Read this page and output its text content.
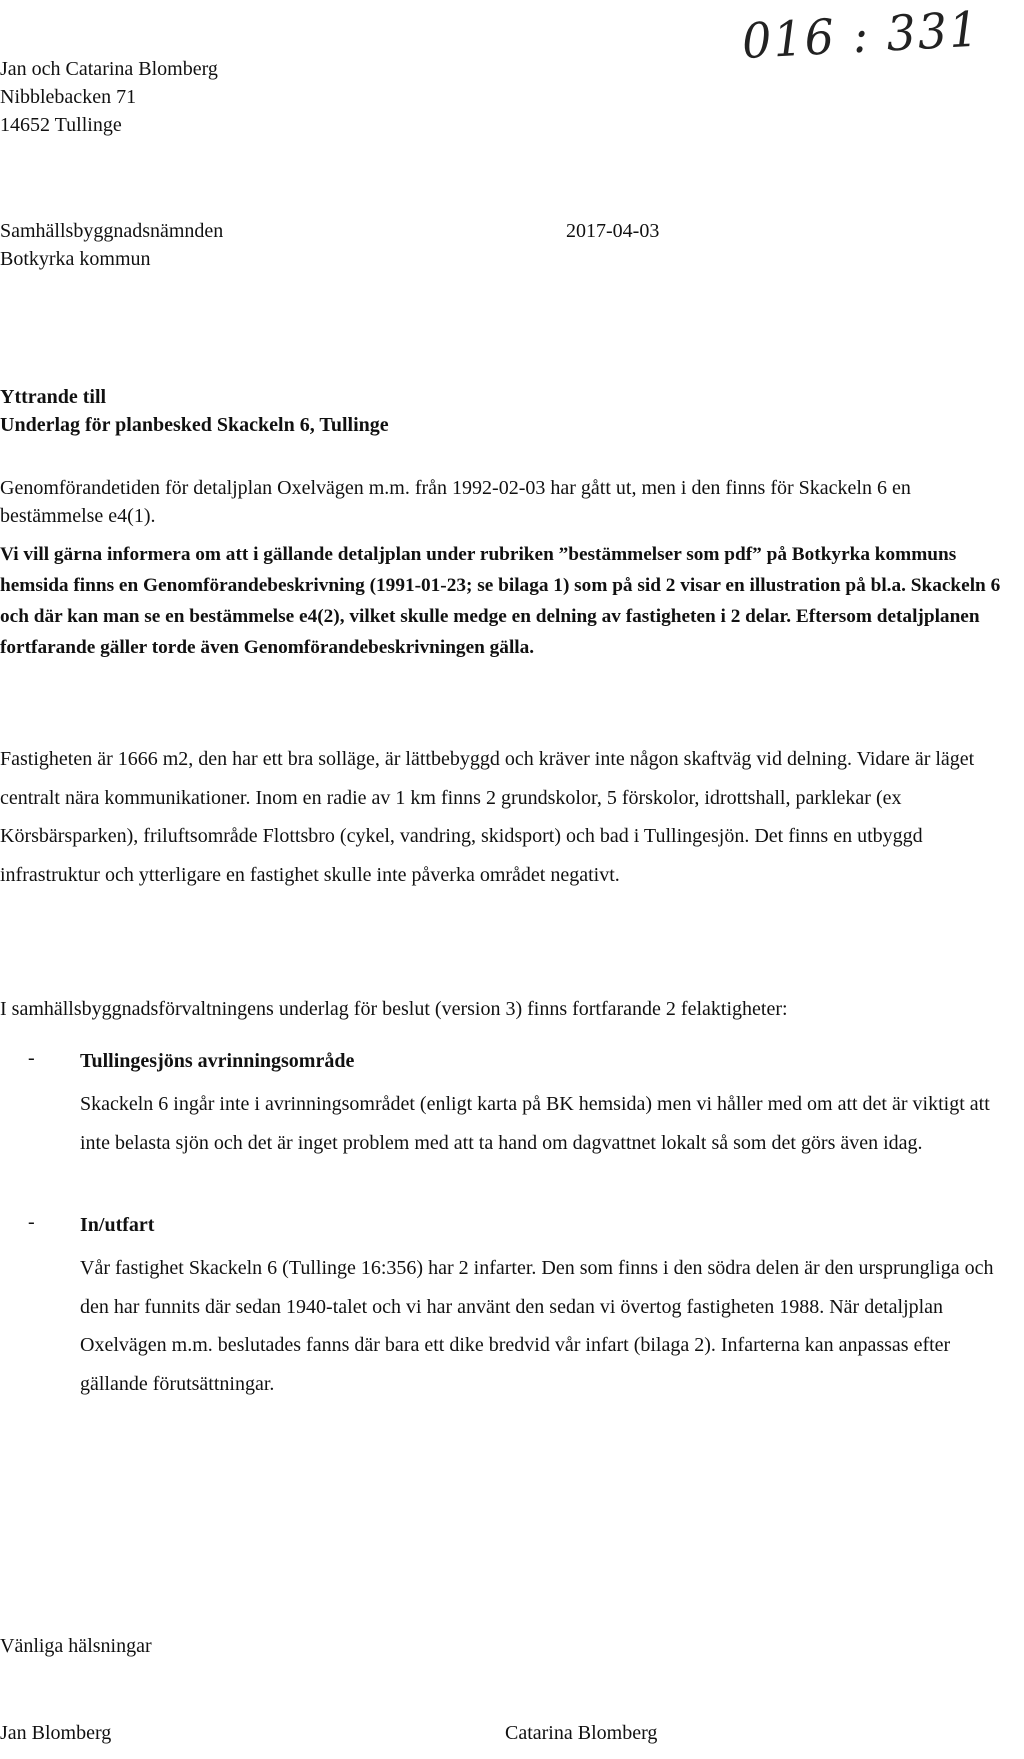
016 : 331
Jan och Catarina Blomberg
Nibblebacken 71
14652 Tullinge
Samhällsbyggnadsnämnden
Botkyrka kommun
2017-04-03
Yttrande till
Underlag för planbesked Skackeln 6, Tullinge
Genomförandetiden för detaljplan Oxelvägen m.m. från 1992-02-03 har gått ut, men i den finns för Skackeln 6 en bestämmelse e4(1).
Vi vill gärna informera om att i gällande detaljplan under rubriken ”bestämmelser som pdf” på Botkyrka kommuns hemsida finns en Genomförandebeskrivning (1991-01-23; se bilaga 1) som på sid 2 visar en illustration på bl.a. Skackeln 6 och där kan man se en bestämmelse e4(2), vilket skulle medge en delning av fastigheten i 2 delar. Eftersom detaljplanen fortfarande gäller torde även Genomförandebeskrivningen gälla.
Fastigheten är 1666 m2, den har ett bra solläge, är lättbebyggd och kräver inte någon skaftväg vid delning. Vidare är läget centralt nära kommunikationer. Inom en radie av 1 km finns 2 grundskolor, 5 förskolor, idrottshall, parklekar (ex Körsbärsparken), friluftsområde Flottsbro (cykel, vandring, skidsport) och bad i Tullingesjön. Det finns en utbyggd infrastruktur och ytterligare en fastighet skulle inte påverka området negativt.
I samhällsbyggnadsförvaltningens underlag för beslut (version 3) finns fortfarande 2 felaktigheter:
- Tullingesjöns avrinningsområde
Skackeln 6 ingår inte i avrinningsområdet (enligt karta på BK hemsida) men vi håller med om att det är viktigt att inte belasta sjön och det är inget problem med att ta hand om dagvattnet lokalt så som det görs även idag.
- In/utfart
Vår fastighet Skackeln 6 (Tullinge 16:356) har 2 infarter. Den som finns i den södra delen är den ursprungliga och den har funnits där sedan 1940-talet och vi har använt den sedan vi övertog fastigheten 1988. När detaljplan Oxelvägen m.m. beslutades fanns där bara ett dike bredvid vår infart (bilaga 2). Infarterna kan anpassas efter gällande förutsättningar.
Vänliga hälsningar
Jan Blomberg	Catarina Blomberg
